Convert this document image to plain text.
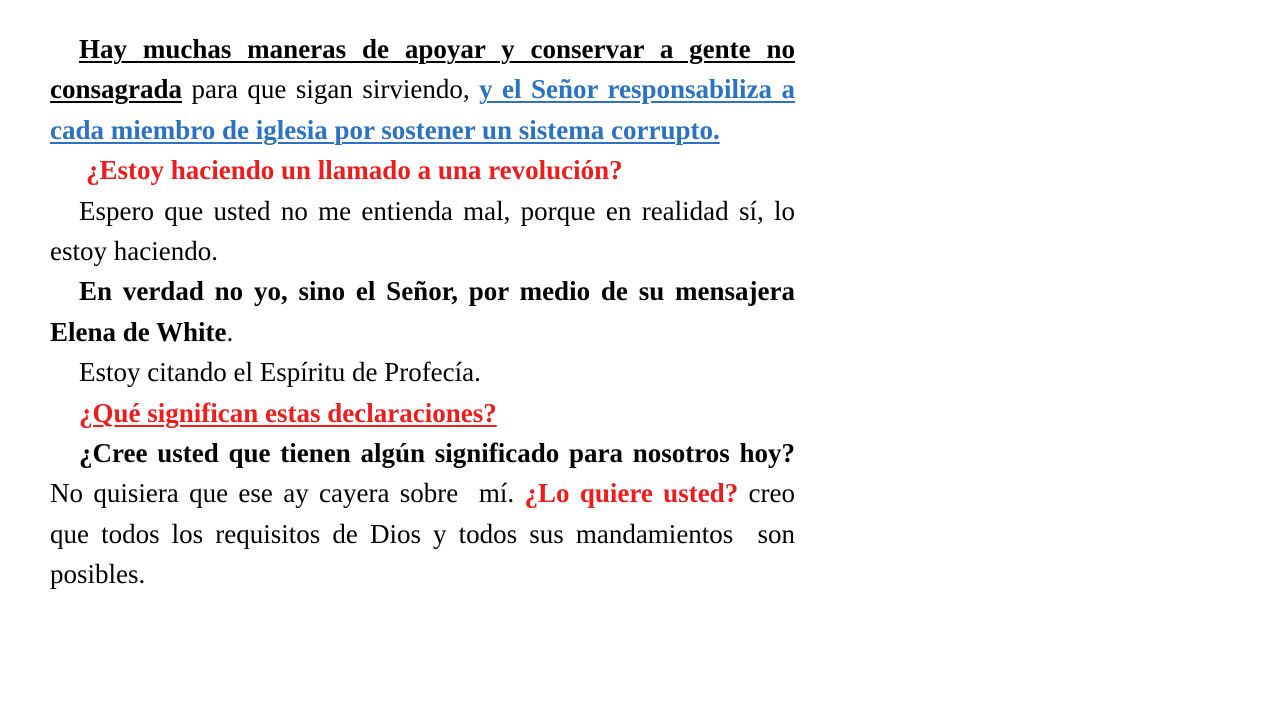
Hay muchas maneras de apoyar y conservar a gente no consagrada para que sigan sirviendo, y el Señor responsabiliza a cada miembro de iglesia por sostener un sistema corrupto.

¿Estoy haciendo un llamado a una revolución?

Espero que usted no me entienda mal, porque en realidad sí, lo estoy haciendo.

En verdad no yo, sino el Señor, por medio de su mensajera Elena de White.

Estoy citando el Espíritu de Profecía.

¿Qué significan estas declaraciones?

¿Cree usted que tienen algún significado para nosotros hoy?  No quisiera que ese ay cayera sobre  mí. ¿Lo quiere usted? creo que todos los requisitos de Dios y todos sus mandamientos  son posibles.
